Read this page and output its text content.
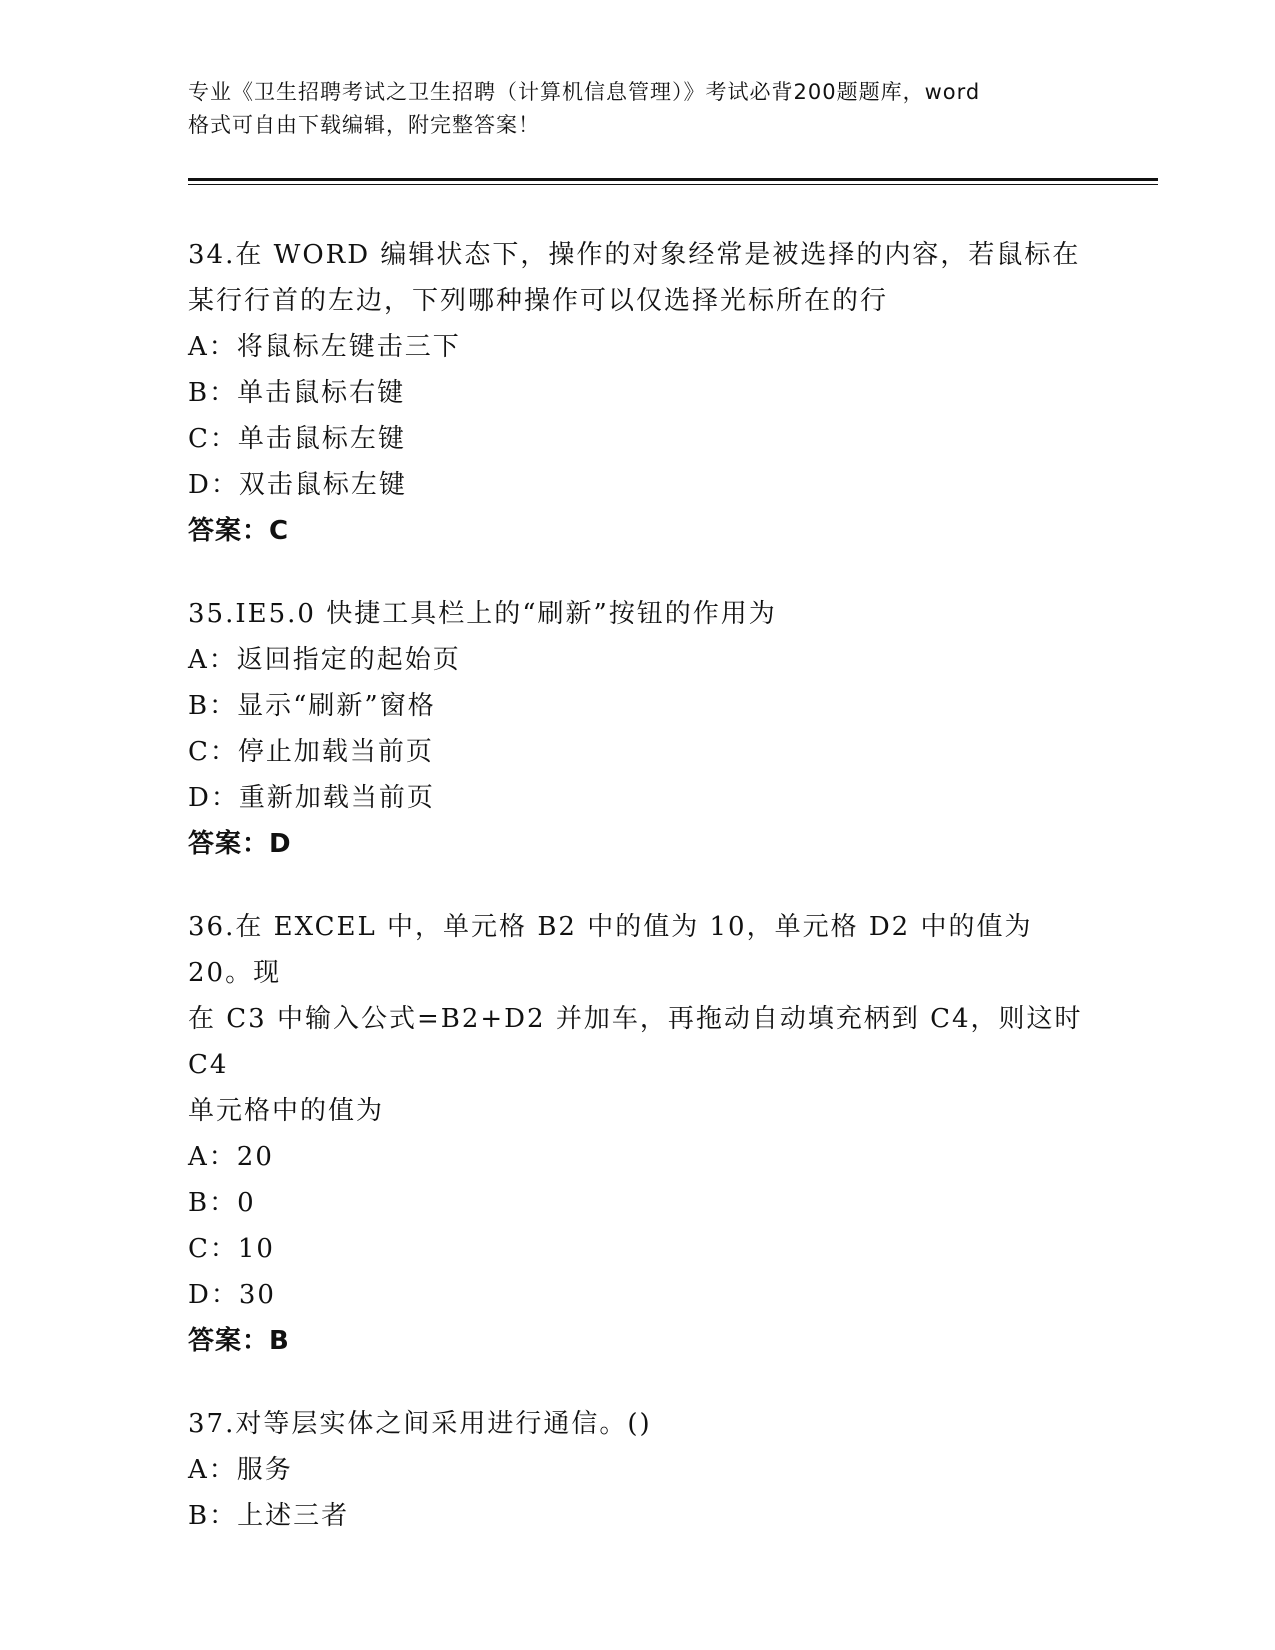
专业《卫生招聘考试之卫生招聘（计算机信息管理）》考试必背200题题库，word
格式可自由下载编辑，附完整答案！
34.在 WORD 编辑状态下，操作的对象经常是被选择的内容，若鼠标在
某行行首的左边，下列哪种操作可以仅选择光标所在的行
A：将鼠标左键击三下
B：单击鼠标右键
C：单击鼠标左键
D：双击鼠标左键
答案：C
35.IE5.0 快捷工具栏上的“刷新”按钮的作用为
A：返回指定的起始页
B：显示“刷新”窗格
C：停止加载当前页
D：重新加载当前页
答案：D
36.在 EXCEL 中，单元格 B2 中的值为 10，单元格 D2 中的值为 20。现
在 C3 中输入公式=B2+D2 并加车，再拖动自动填充柄到 C4，则这时 C4
单元格中的值为
A：20
B：0
C：10
D：30
答案：B
37.对等层实体之间采用进行通信。()
A：服务
B：上述三者
